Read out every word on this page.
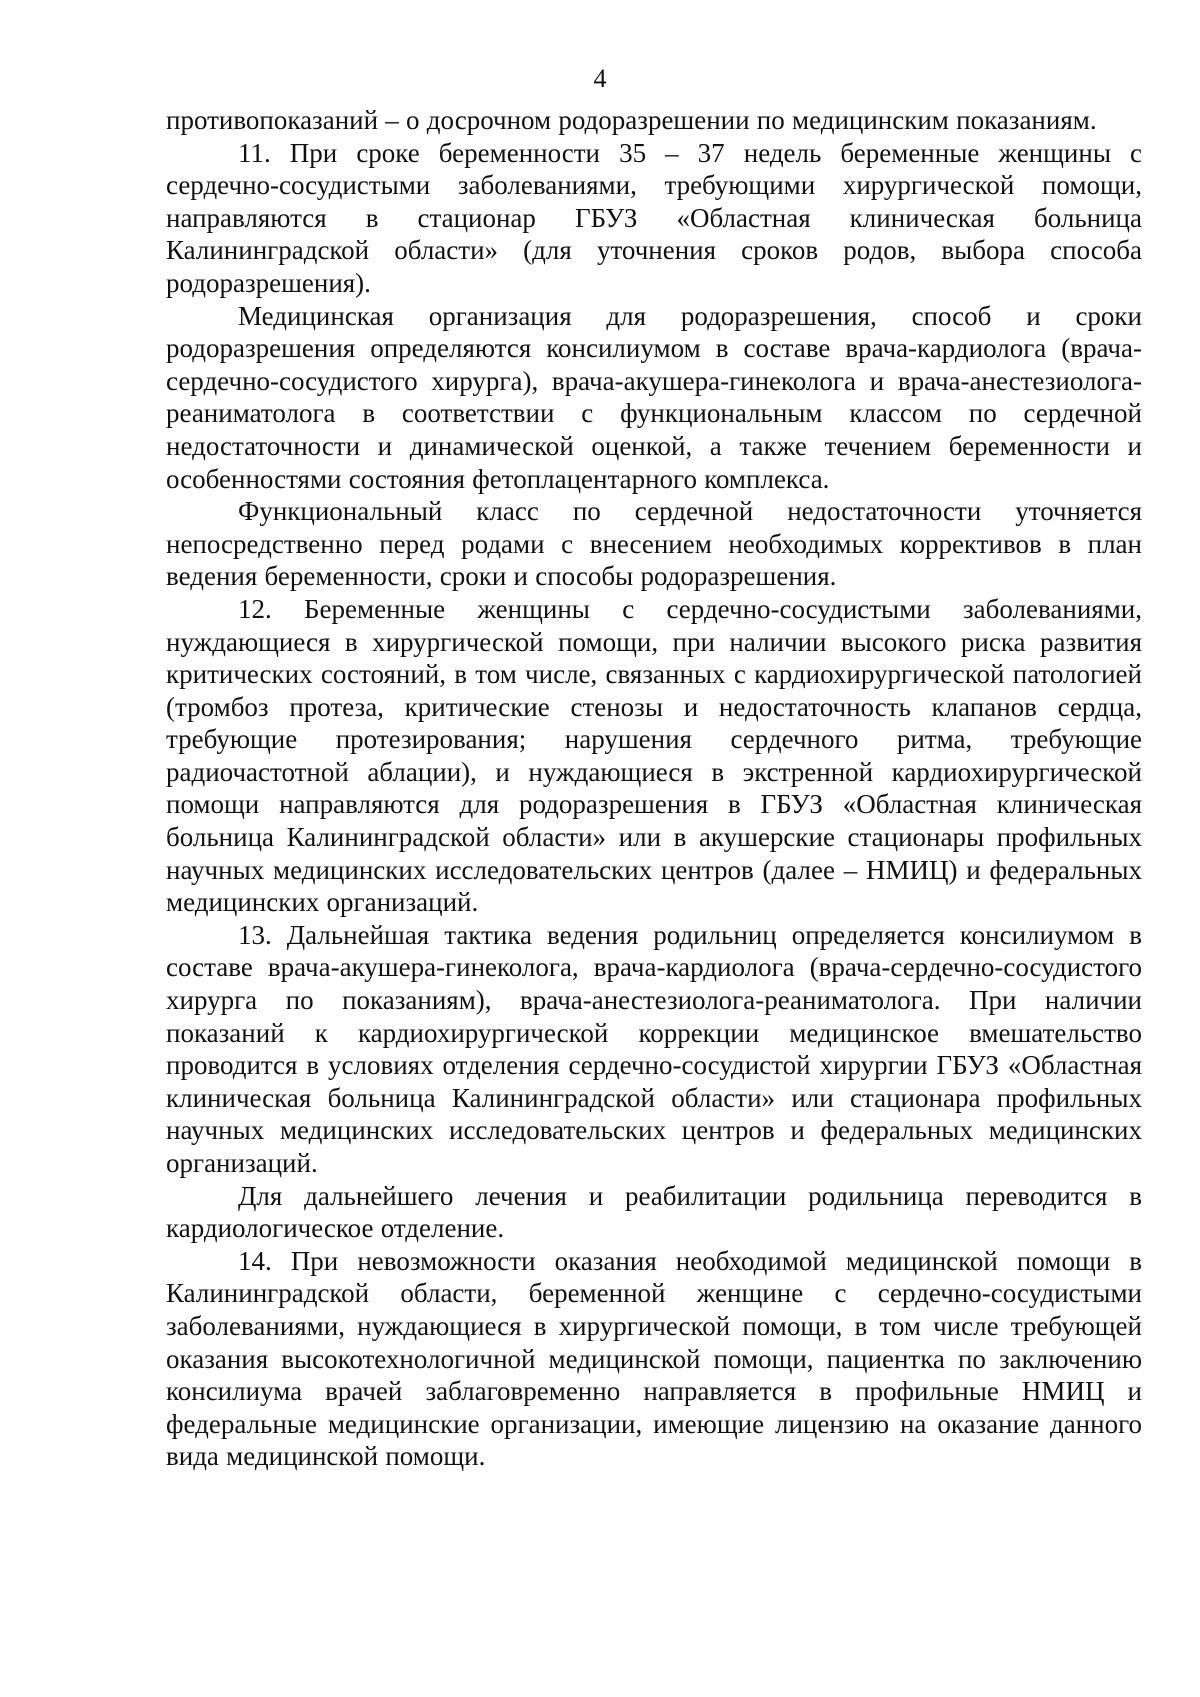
4

противопоказаний – о досрочном родоразрешении по медицинским показаниям.

11. При сроке беременности 35 – 37 недель беременные женщины с сердечно-сосудистыми заболеваниями, требующими хирургической помощи, направляются в стационар ГБУЗ «Областная клиническая больница Калининградской области» (для уточнения сроков родов, выбора способа родоразрешения).

Медицинская организация для родоразрешения, способ и сроки родоразрешения определяются консилиумом в составе врача-кардиолога (врача-сердечно-сосудистого хирурга), врача-акушера-гинеколога и врача-анестезиолога-реаниматолога в соответствии с функциональным классом по сердечной недостаточности и динамической оценкой, а также течением беременности и особенностями состояния фетоплацентарного комплекса.

Функциональный класс по сердечной недостаточности уточняется непосредственно перед родами с внесением необходимых коррективов в план ведения беременности, сроки и способы родоразрешения.

12. Беременные женщины с сердечно-сосудистыми заболеваниями, нуждающиеся в хирургической помощи, при наличии высокого риска развития критических состояний, в том числе, связанных с кардиохирургической патологией (тромбоз протеза, критические стенозы и недостаточность клапанов сердца, требующие протезирования; нарушения сердечного ритма, требующие радиочастотной аблации), и нуждающиеся в экстренной кардиохирургической помощи направляются для родоразрешения в ГБУЗ «Областная клиническая больница Калининградской области» или в акушерские стационары профильных научных медицинских исследовательских центров (далее – НМИЦ) и федеральных медицинских организаций.

13. Дальнейшая тактика ведения родильниц определяется консилиумом в составе врача-акушера-гинеколога, врача-кардиолога (врача-сердечно-сосудистого хирурга по показаниям), врача-анестезиолога-реаниматолога. При наличии показаний к кардиохирургической коррекции медицинское вмешательство проводится в условиях отделения сердечно-сосудистой хирургии ГБУЗ «Областная клиническая больница Калининградской области» или стационара профильных научных медицинских исследовательских центров и федеральных медицинских организаций.

Для дальнейшего лечения и реабилитации родильница переводится в кардиологическое отделение.

14. При невозможности оказания необходимой медицинской помощи в Калининградской области, беременной женщине с сердечно-сосудистыми заболеваниями, нуждающиеся в хирургической помощи, в том числе требующей оказания высокотехнологичной медицинской помощи, пациентка по заключению консилиума врачей заблаговременно направляется в профильные НМИЦ и федеральные медицинские организации, имеющие лицензию на оказание данного вида медицинской помощи.
